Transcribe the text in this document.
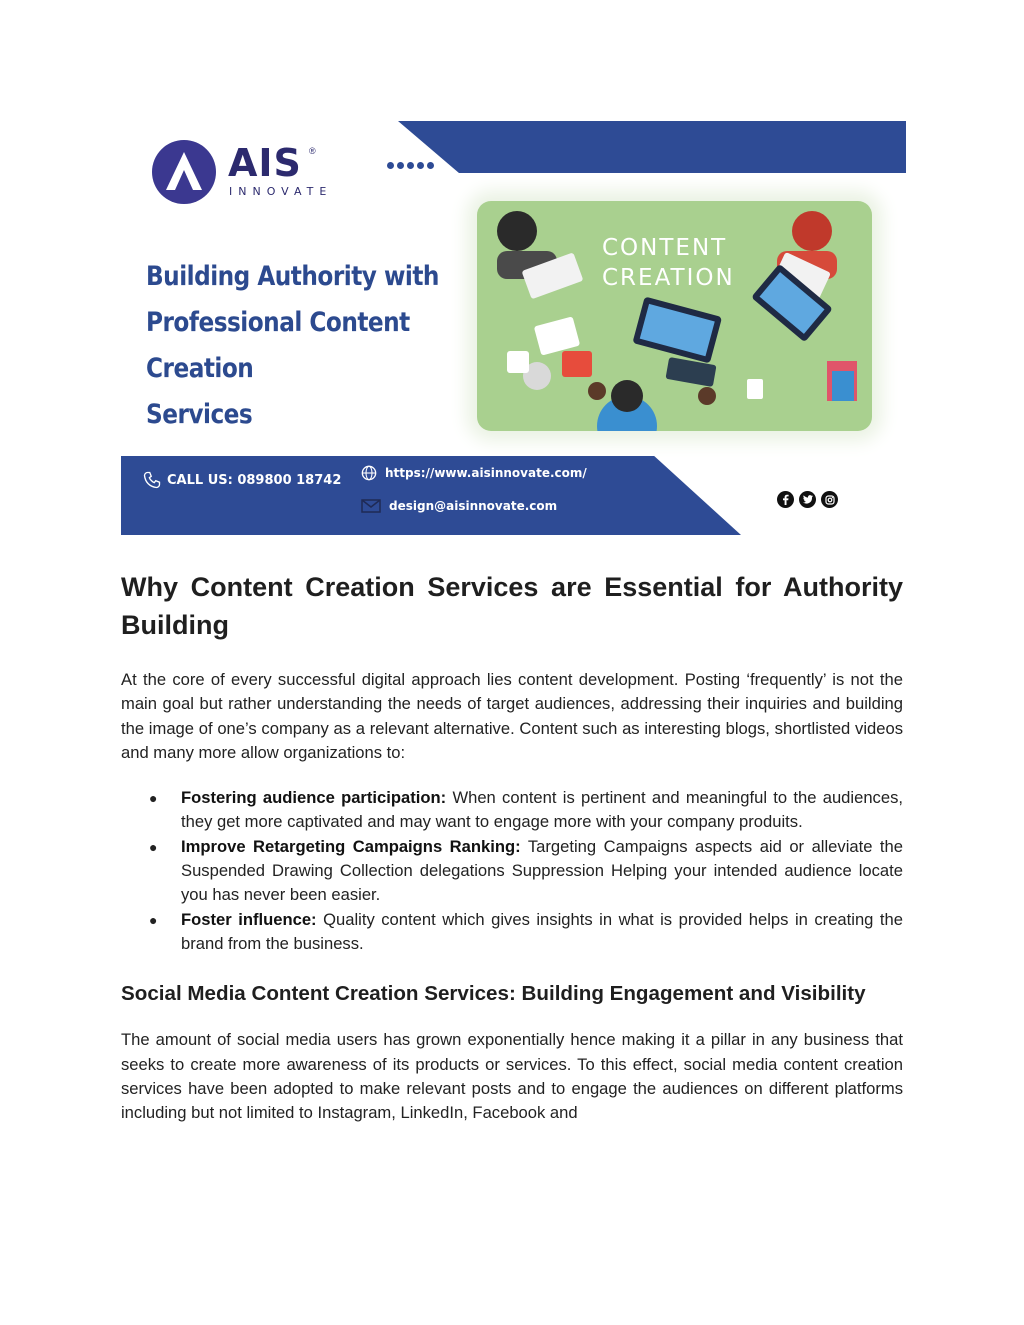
AIS ®
INNOVATE
Building Authority with
Professional Content Creation
Services
CONTENT
CREATION
CALL US: 089800 18742	https://www.aisinnovate.com/
design@aisinnovate.com
Why Content Creation Services are Essential for Authority Building

At the core of every successful digital approach lies content development. Posting ‘frequently’ is not the main goal but rather understanding the needs of target audiences, addressing their inquiries and building the image of one’s company as a relevant alternative. Content such as interesting blogs, shortlisted videos and many more allow organizations to:

● Fostering audience participation: When content is pertinent and meaningful to the audiences, they get more captivated and may want to engage more with your company produits.
● Improve Retargeting Campaigns Ranking: Targeting Campaigns aspects aid or alleviate the Suspended Drawing Collection delegations Suppression Helping your intended audience locate you has never been easier.
● Foster influence: Quality content which gives insights in what is provided helps in creating the brand from the business.
Social Media Content Creation Services: Building Engagement and Visibility

The amount of social media users has grown exponentially hence making it a pillar in any business that seeks to create more awareness of its products or services. To this effect, social media content creation services have been adopted to make relevant posts and to engage the audiences on different platforms including but not limited to Instagram, LinkedIn, Facebook and
